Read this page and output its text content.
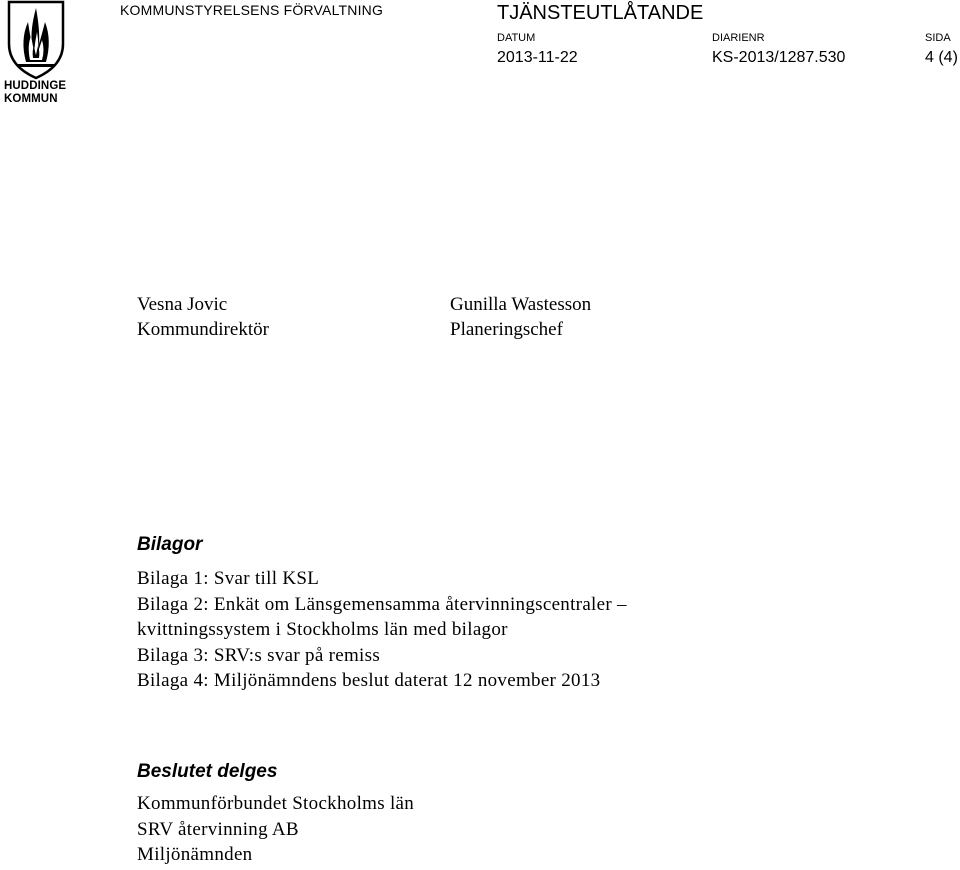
HUDDINGE
KOMMUN
KOMMUNSTYRELSENS FÖRVALTNING	TJÄNSTEUTLÅTANDE
DATUM	DIARIENR	SIDA
2013-11-22	KS-2013/1287.530	4 (4)
Vesna Jovic
Kommundirektör
Gunilla Wastesson
Planeringschef
Bilagor
Bilaga 1: Svar till KSL
Bilaga 2: Enkät om Länsgemensamma återvinningscentraler –
kvittningssystem i Stockholms län med bilagor
Bilaga 3: SRV:s svar på remiss
Bilaga 4: Miljönämndens beslut daterat 12 november 2013
Beslutet delges
Kommunförbundet Stockholms län
SRV återvinning AB
Miljönämnden
